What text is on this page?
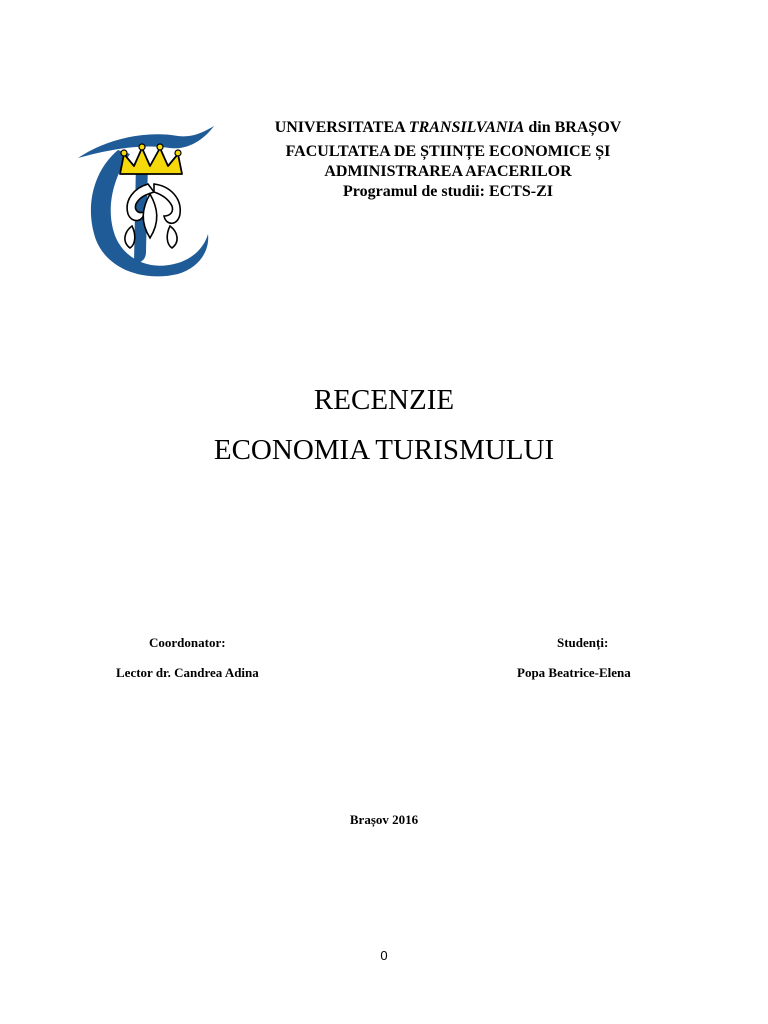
UNIVERSITATEA TRANSILVANIA din BRAȘOV
FACULTATEA DE ȘTIINȚE ECONOMICE ȘI
ADMINISTRAREA AFACERILOR
Programul de studii: ECTS-ZI
RECENZIE
ECONOMIA TURISMULUI
Coordonator:
Lector dr. Candrea Adina
Studenți:
Popa Beatrice-Elena
Brașov 2016
0
